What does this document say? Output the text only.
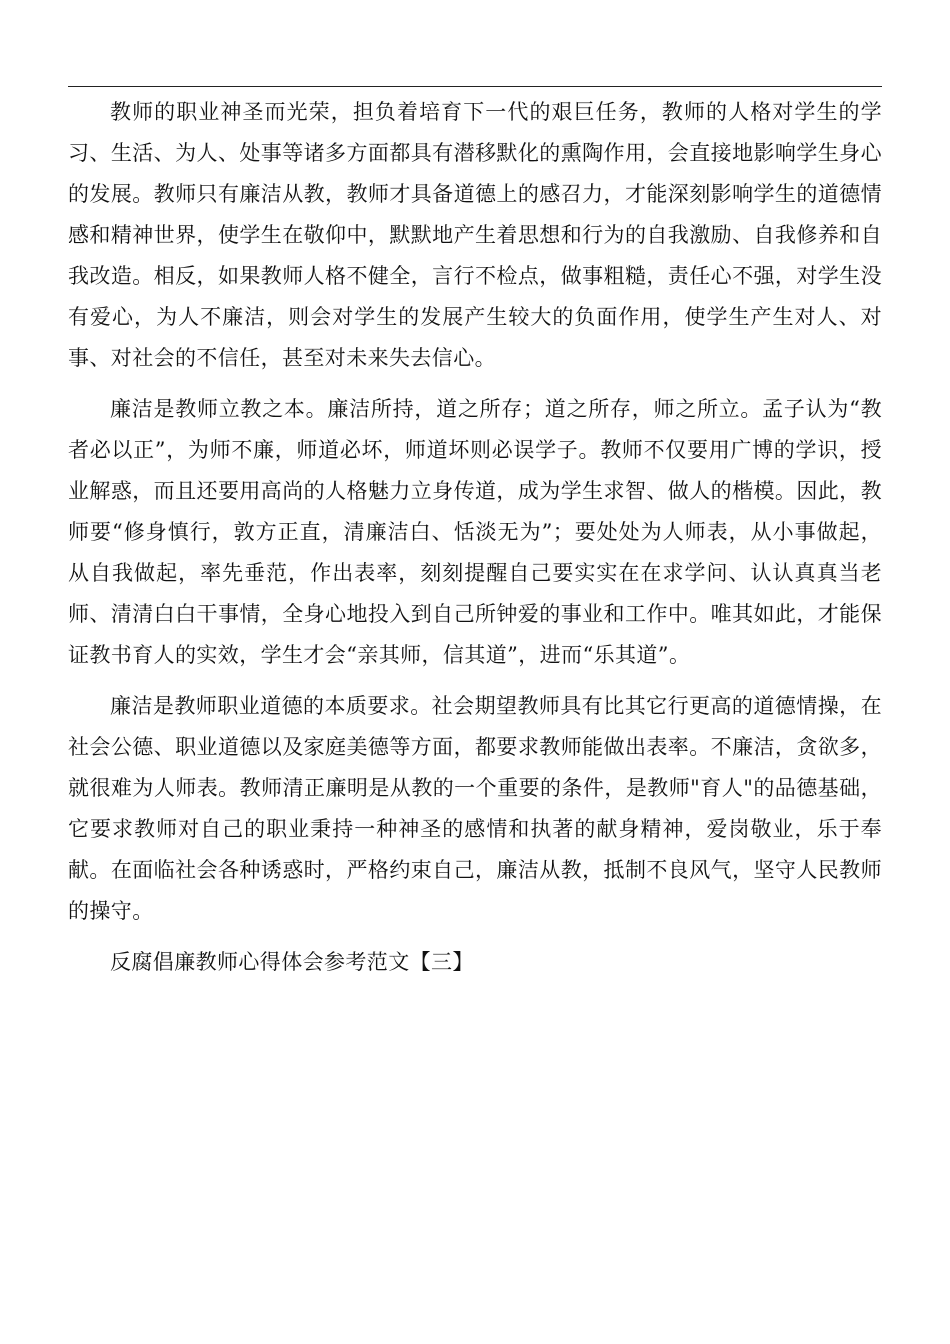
教师的职业神圣而光荣，担负着培育下一代的艰巨任务，教师的人格对学生的学习、生活、为人、处事等诸多方面都具有潜移默化的熏陶作用，会直接地影响学生身心的发展。教师只有廉洁从教，教师才具备道德上的感召力，才能深刻影响学生的道德情感和精神世界，使学生在敬仰中，默默地产生着思想和行为的自我激励、自我修养和自我改造。相反，如果教师人格不健全，言行不检点，做事粗糙，责任心不强，对学生没有爱心，为人不廉洁，则会对学生的发展产生较大的负面作用，使学生产生对人、对事、对社会的不信任，甚至对未来失去信心。

廉洁是教师立教之本。廉洁所持，道之所存；道之所存，师之所立。孟子认为“教者必以正”，为师不廉，师道必坏，师道坏则必误学子。教师不仅要用广博的学识，授业解惑，而且还要用高尚的人格魅力立身传道，成为学生求智、做人的楷模。因此，教师要“修身慎行，敦方正直，清廉洁白、恬淡无为”；要处处为人师表，从小事做起，从自我做起，率先垂范，作出表率，刻刻提醒自己要实实在在求学问、认认真真当老师、清清白白干事情，全身心地投入到自己所钟爱的事业和工作中。唯其如此，才能保证教书育人的实效，学生才会“亲其师，信其道”，进而“乐其道”。

廉洁是教师职业道德的本质要求。社会期望教师具有比其它行更高的道德情操，在社会公德、职业道德以及家庭美德等方面，都要求教师能做出表率。不廉洁，贪欲多，就很难为人师表。教师清正廉明是从教的一个重要的条件，是教师"育人"的品德基础，它要求教师对自己的职业秉持一种神圣的感情和执著的献身精神，爱岗敬业，乐于奉献。在面临社会各种诱惑时，严格约束自己，廉洁从教，抵制不良风气，坚守人民教师的操守。

反腐倡廉教师心得体会参考范文【三】
